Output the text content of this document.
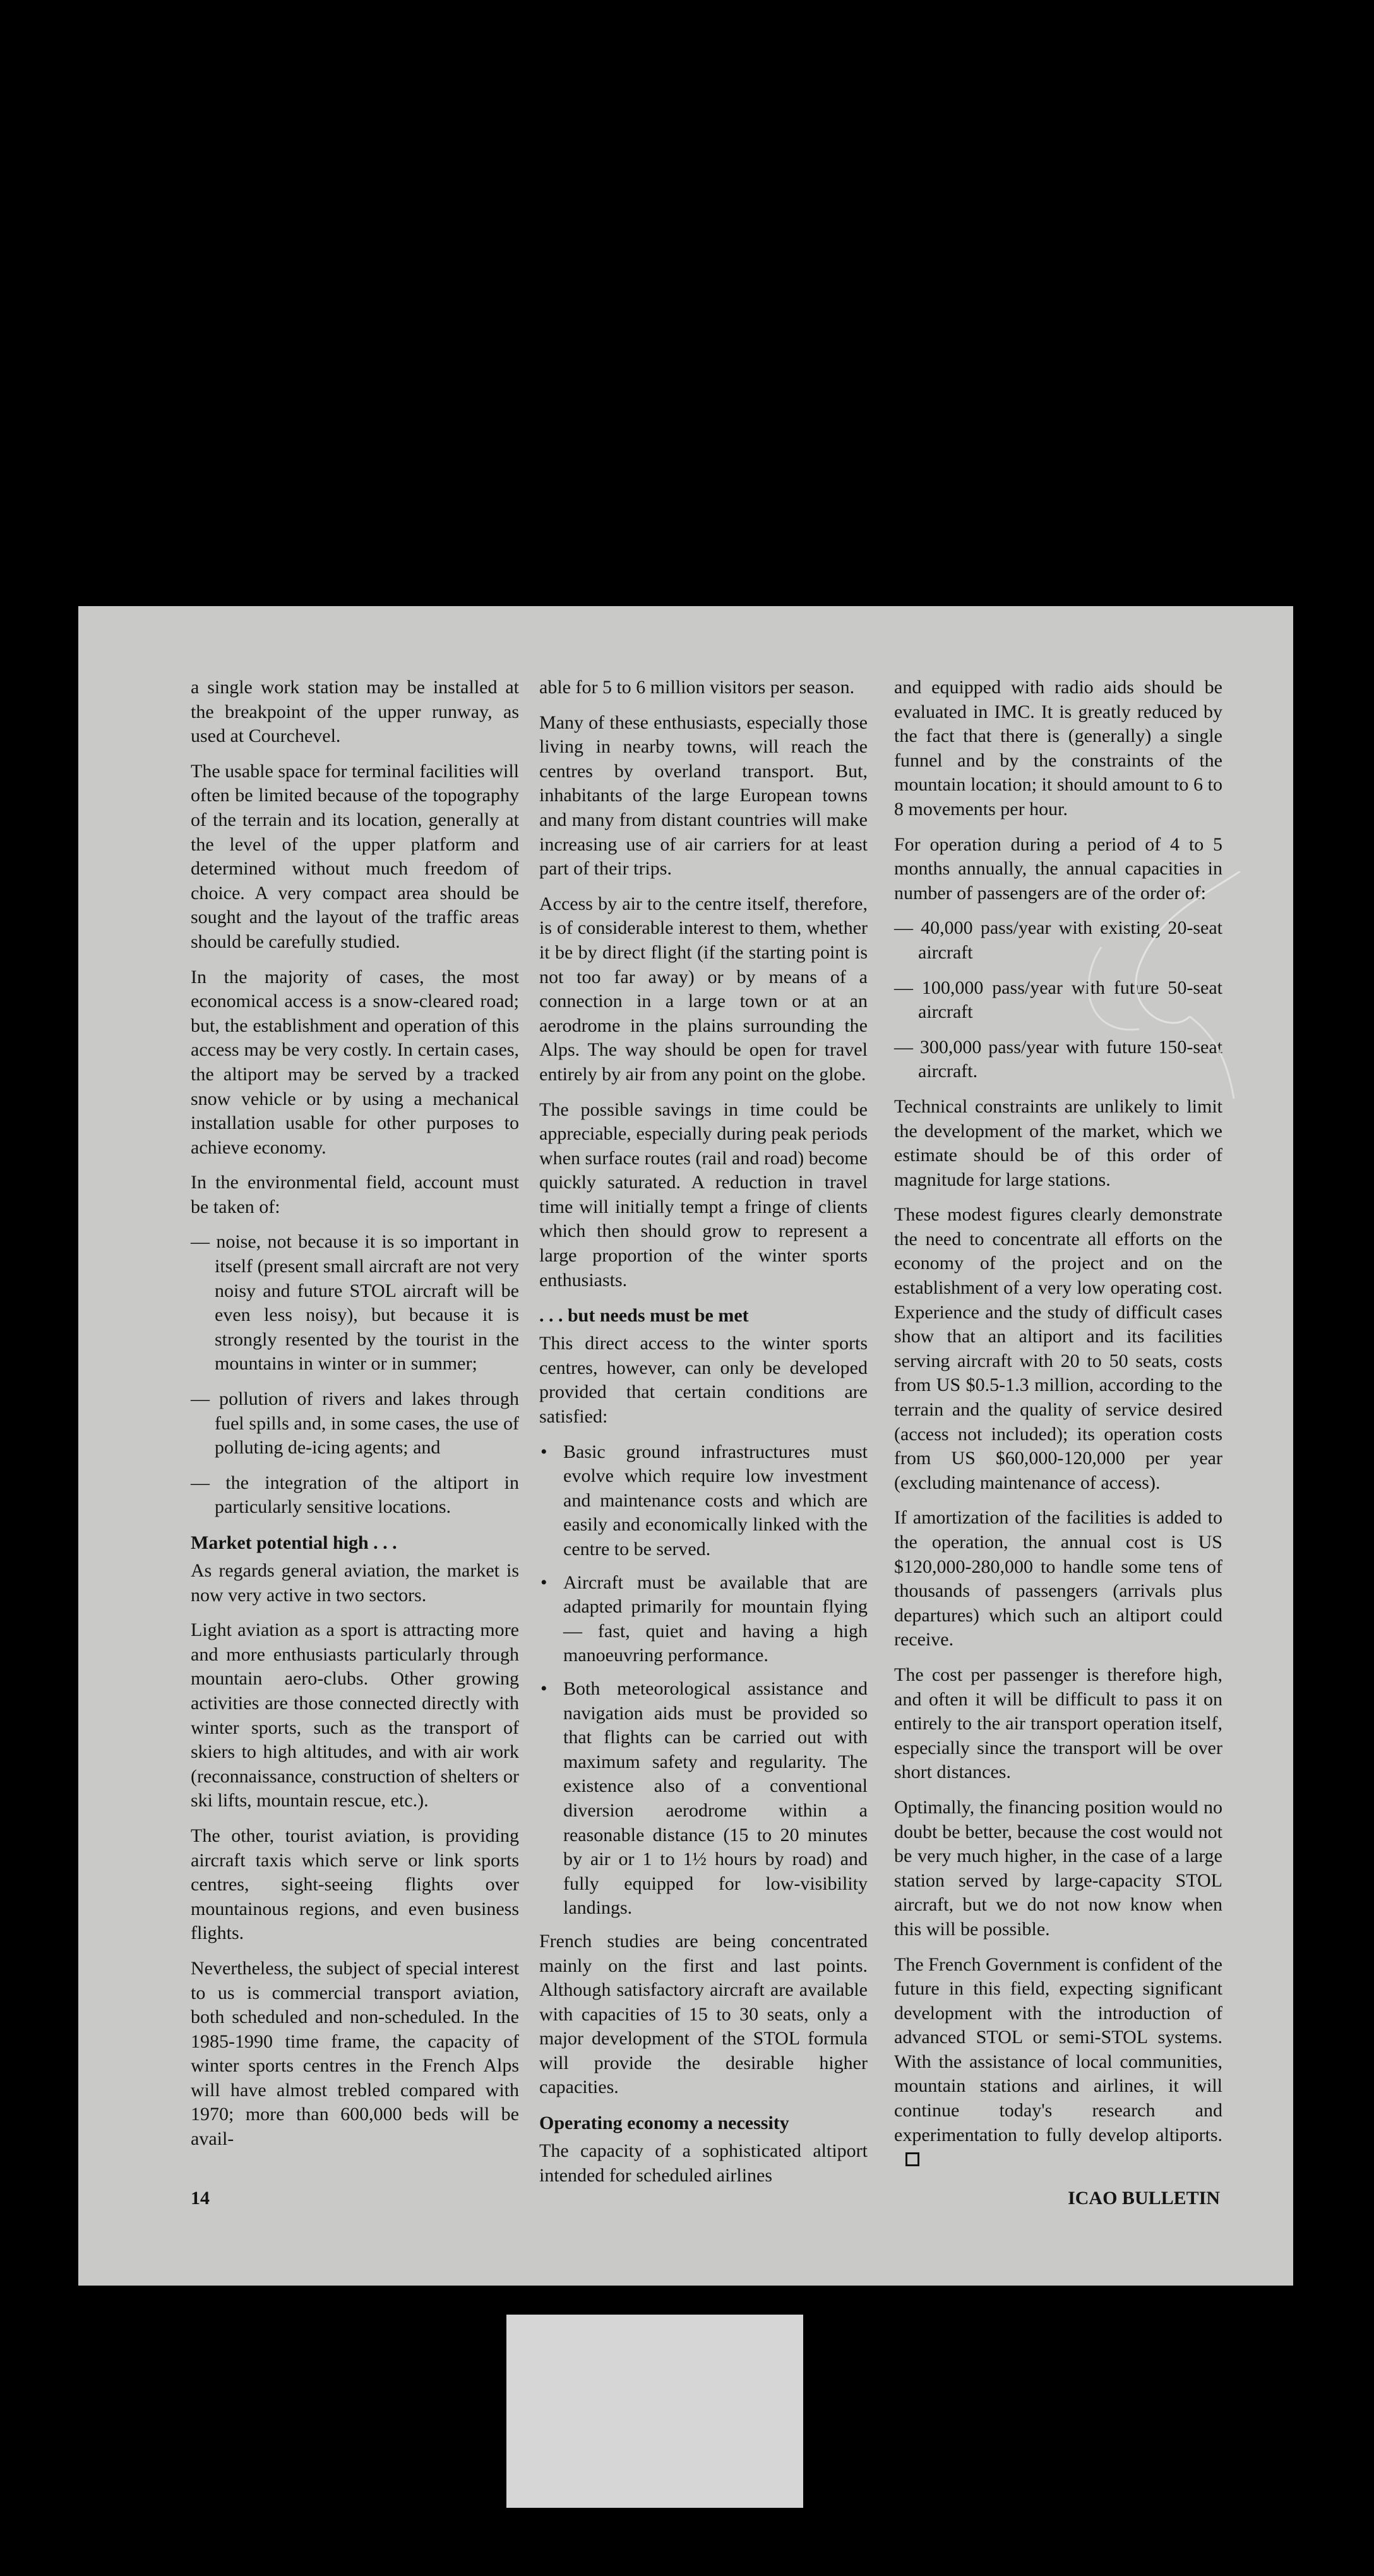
a single work station may be installed at the breakpoint of the upper runway, as used at Courchevel.

The usable space for terminal facilities will often be limited because of the topography of the terrain and its location, generally at the level of the upper platform and determined without much freedom of choice. A very compact area should be sought and the layout of the traffic areas should be carefully studied.

In the majority of cases, the most economical access is a snow-cleared road; but, the establishment and operation of this access may be very costly. In certain cases, the altiport may be served by a tracked snow vehicle or by using a mechanical installation usable for other purposes to achieve economy.

In the environmental field, account must be taken of:

— noise, not because it is so important in itself (present small aircraft are not very noisy and future STOL aircraft will be even less noisy), but because it is strongly resented by the tourist in the mountains in winter or in summer;

— pollution of rivers and lakes through fuel spills and, in some cases, the use of polluting de-icing agents; and

— the integration of the altiport in particularly sensitive locations.

Market potential high . . .

As regards general aviation, the market is now very active in two sectors.

Light aviation as a sport is attracting more and more enthusiasts particularly through mountain aero-clubs. Other growing activities are those connected directly with winter sports, such as the transport of skiers to high altitudes, and with air work (reconnaissance, construction of shelters or ski lifts, mountain rescue, etc.).

The other, tourist aviation, is providing aircraft taxis which serve or link sports centres, sight-seeing flights over mountainous regions, and even business flights.

Nevertheless, the subject of special interest to us is commercial transport aviation, both scheduled and non-scheduled. In the 1985-1990 time frame, the capacity of winter sports centres in the French Alps will have almost trebled compared with 1970; more than 600,000 beds will be avail-

able for 5 to 6 million visitors per season.

Many of these enthusiasts, especially those living in nearby towns, will reach the centres by overland transport. But, inhabitants of the large European towns and many from distant countries will make increasing use of air carriers for at least part of their trips.

Access by air to the centre itself, therefore, is of considerable interest to them, whether it be by direct flight (if the starting point is not too far away) or by means of a connection in a large town or at an aerodrome in the plains surrounding the Alps. The way should be open for travel entirely by air from any point on the globe.

The possible savings in time could be appreciable, especially during peak periods when surface routes (rail and road) become quickly saturated. A reduction in travel time will initially tempt a fringe of clients which then should grow to represent a large proportion of the winter sports enthusiasts.

. . . but needs must be met

This direct access to the winter sports centres, however, can only be developed provided that certain conditions are satisfied:

• Basic ground infrastructures must evolve which require low investment and maintenance costs and which are easily and economically linked with the centre to be served.
• Aircraft must be available that are adapted primarily for mountain flying — fast, quiet and having a high manoeuvring performance.
• Both meteorological assistance and navigation aids must be provided so that flights can be carried out with maximum safety and regularity. The existence also of a conventional diversion aerodrome within a reasonable distance (15 to 20 minutes by air or 1 to 1½ hours by road) and fully equipped for low-visibility landings.

French studies are being concentrated mainly on the first and last points. Although satisfactory aircraft are available with capacities of 15 to 30 seats, only a major development of the STOL formula will provide the desirable higher capacities.

Operating economy a necessity

The capacity of a sophisticated altiport intended for scheduled airlines

and equipped with radio aids should be evaluated in IMC. It is greatly reduced by the fact that there is (generally) a single funnel and by the constraints of the mountain location; it should amount to 6 to 8 movements per hour.

For operation during a period of 4 to 5 months annually, the annual capacities in number of passengers are of the order of:

— 40,000 pass/year with existing 20-seat aircraft

— 100,000 pass/year with future 50-seat aircraft

— 300,000 pass/year with future 150-seat aircraft.

Technical constraints are unlikely to limit the development of the market, which we estimate should be of this order of magnitude for large stations.

These modest figures clearly demonstrate the need to concentrate all efforts on the economy of the project and on the establishment of a very low operating cost. Experience and the study of difficult cases show that an altiport and its facilities serving aircraft with 20 to 50 seats, costs from US $0.5-1.3 million, according to the terrain and the quality of service desired (access not included); its operation costs from US $60,000-120,000 per year (excluding maintenance of access).

If amortization of the facilities is added to the operation, the annual cost is US $120,000-280,000 to handle some tens of thousands of passengers (arrivals plus departures) which such an altiport could receive.

The cost per passenger is therefore high, and often it will be difficult to pass it on entirely to the air transport operation itself, especially since the transport will be over short distances.

Optimally, the financing position would no doubt be better, because the cost would not be very much higher, in the case of a large station served by large-capacity STOL aircraft, but we do not now know when this will be possible.

The French Government is confident of the future in this field, expecting significant development with the introduction of advanced STOL or semi-STOL systems. With the assistance of local communities, mountain stations and airlines, it will continue today's research and experimentation to fully develop altiports.

14	ICAO BULLETIN
